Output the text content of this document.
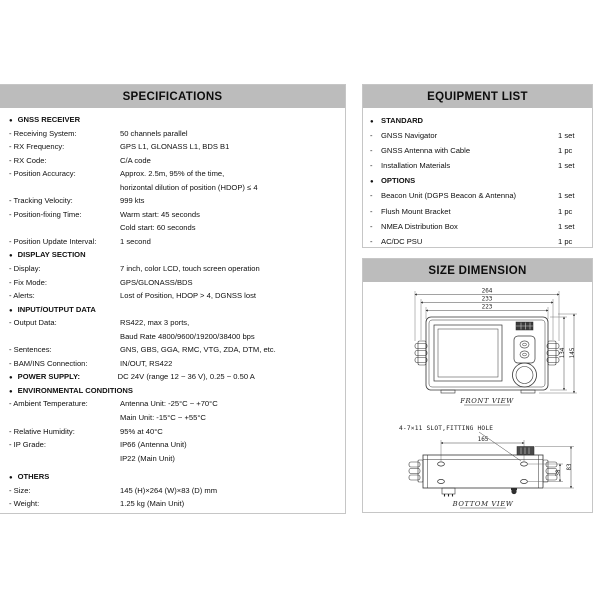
SPECIFICATIONS
● GNSS RECEIVER
- Receiving System:	50 channels parallel
- RX Frequency:	GPS L1, GLONASS L1, BDS B1
- RX Code:	C/A code
- Position Accuracy:	Approx. 2.5m, 95% of the time,
horizontal dilution of position (HDOP) ≤ 4
- Tracking Velocity:	999 kts
- Position-fixing Time:	Warm start: 45 seconds
Cold start: 60 seconds
- Position Update Interval:	1 second
● DISPLAY SECTION
- Display:	7 inch, color LCD, touch screen operation
- Fix Mode:	GPS/GLONASS/BDS
- Alerts:	Lost of Position, HDOP > 4, DGNSS lost
● INPUT/OUTPUT DATA
- Output Data:	RS422, max 3 ports,
Baud Rate 4800/9600/19200/38400 bps
- Sentences:	GNS, GBS, GGA, RMC, VTG, ZDA, DTM, etc.
- BAM/INS Connection:	IN/OUT, RS422
● POWER SUPPLY:	DC 24V (range 12 ~ 36 V), 0.25 ~ 0.50 A
● ENVIRONMENTAL CONDITIONS
- Ambient Temperature:	Antenna Unit: -25°C ~ +70°C
Main Unit: -15°C ~ +55°C
- Relative Humidity:	95% at 40°C
- IP Grade:	IP66 (Antenna Unit)
IP22 (Main Unit)
● OTHERS
- Size:	145 (H)×264 (W)×83 (D) mm
- Weight:	1.25 kg (Main Unit)
EQUIPMENT LIST
● STANDARD
-	GNSS Navigator	1 set
-	GNSS Antenna with Cable	1 pc
-	Installation Materials	1 set
● OPTIONS
-	Beacon Unit (DGPS Beacon & Antenna)	1 set
-	Flush Mount Bracket	1 pc
-	NMEA Distribution Box	1 set
-	AC/DC PSU	1 pc
SIZE DIMENSION
264
233
223
134 145
FRONT VIEW
4-7×11 SLOT,FITTING HOLE
165
38
83
BOTTOM VIEW
